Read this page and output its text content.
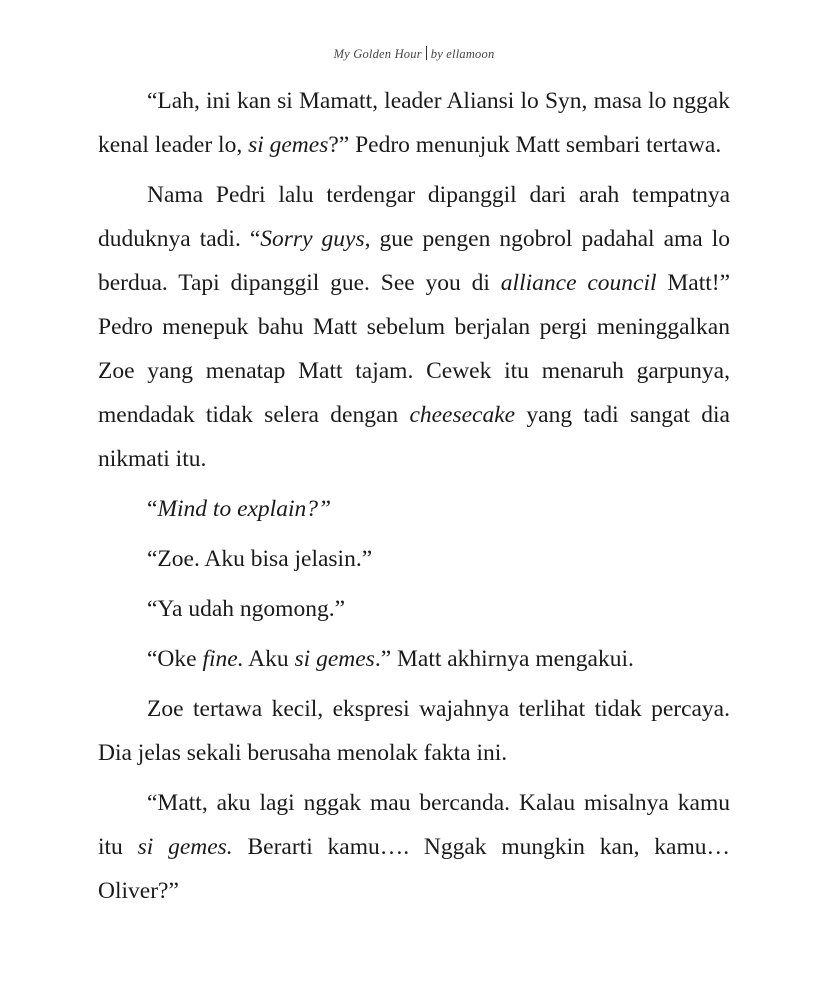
My Golden Hour by ellamoon

“Lah, ini kan si Mamatt, leader Aliansi lo Syn, masa lo nggak kenal leader lo, si gemes?” Pedro menunjuk Matt sembari tertawa.

Nama Pedri lalu terdengar dipanggil dari arah tempatnya duduknya tadi. “Sorry guys, gue pengen ngobrol padahal ama lo berdua. Tapi dipanggil gue. See you di alliance council Matt!” Pedro menepuk bahu Matt sebelum berjalan pergi meninggalkan Zoe yang menatap Matt tajam. Cewek itu menaruh garpunya, mendadak tidak selera dengan cheesecake yang tadi sangat dia nikmati itu.

“Mind to explain?”

“Zoe. Aku bisa jelasin.”

“Ya udah ngomong.”

“Oke fine. Aku si gemes.” Matt akhirnya mengakui.

Zoe tertawa kecil, ekspresi wajahnya terlihat tidak percaya. Dia jelas sekali berusaha menolak fakta ini.

“Matt, aku lagi nggak mau bercanda. Kalau misalnya kamu itu si gemes. Berarti kamu…. Nggak mungkin kan, kamu… Oliver?”
